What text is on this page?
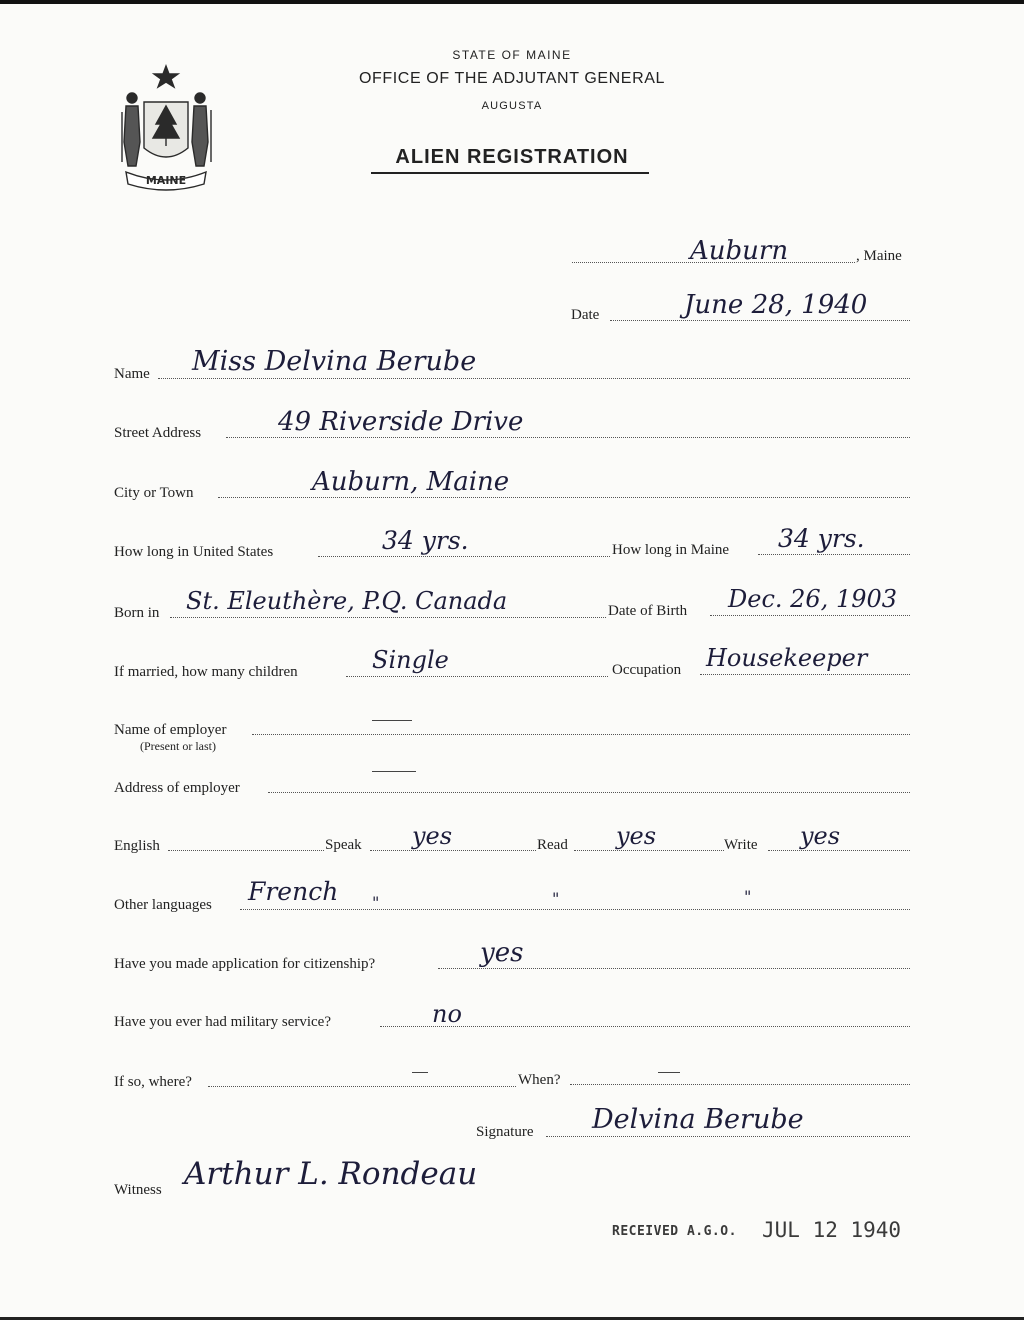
MAINE
STATE OF MAINE
OFFICE OF THE ADJUTANT GENERAL
AUGUSTA
ALIEN REGISTRATION
Auburn	, Maine
Date	June 28, 1940
Name Miss Delvina Berube
Street Address	49 Riverside Drive
City or Town	Auburn, Maine
How long in United States	34 yrs.	How long in Maine 34 yrs.
Born in St. Eleuthère, P.Q. Canada	Date of Birth Dec. 26, 1903
If married, how many children	Single	Occupation Housekeeper
Name of employer
(Present or last)
Address of employer
English	Speak yes	Read yes	Write yes
Other languages French "	"	"
Have you made application for citizenship?	yes
Have you ever had military service?	no
If so, where?	When?
Signature Delvina Berube
Witness Arthur L. Rondeau
RECEIVED A.G.O. JUL 12 1940
